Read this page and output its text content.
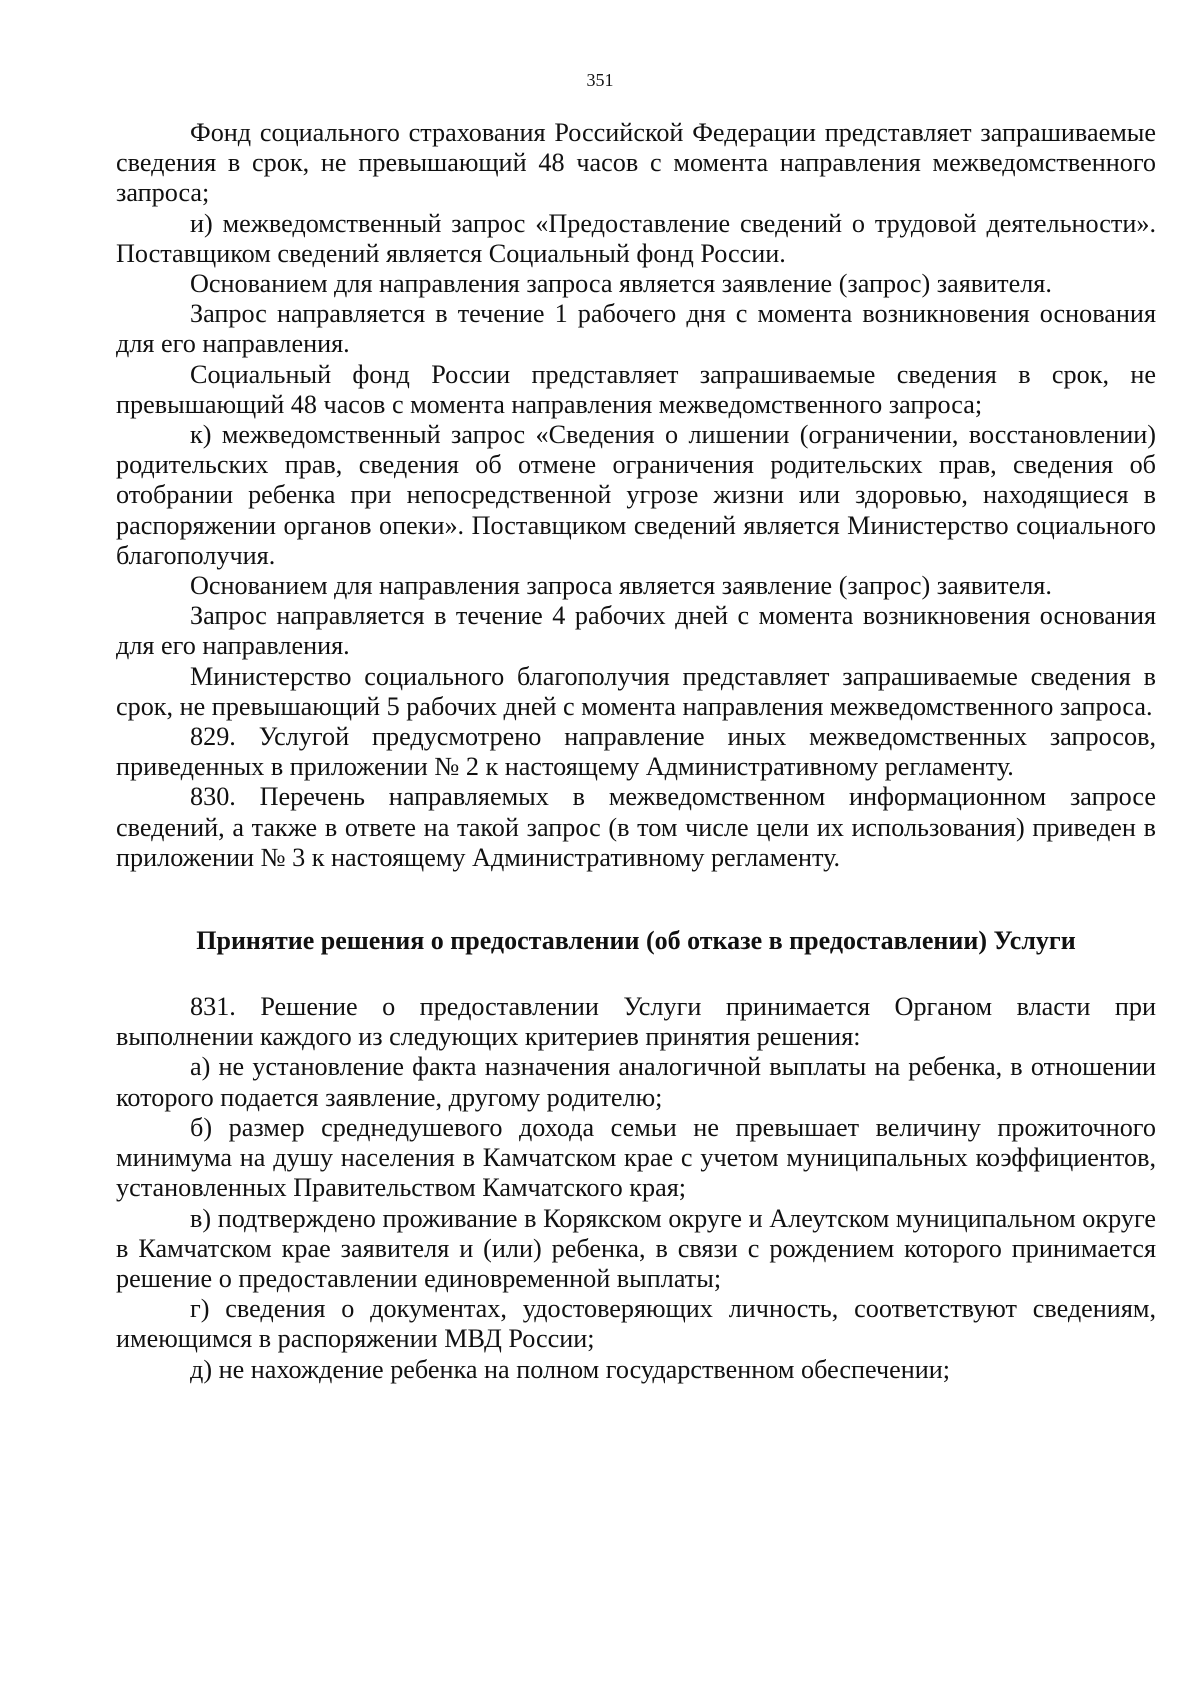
351

Фонд социального страхования Российской Федерации представляет запрашиваемые сведения в срок, не превышающий 48 часов с момента направления межведомственного запроса;

и) межведомственный запрос «Предоставление сведений о трудовой деятельности». Поставщиком сведений является Социальный фонд России.

Основанием для направления запроса является заявление (запрос) заявителя.

Запрос направляется в течение 1 рабочего дня с момента возникновения основания для его направления.

Социальный фонд России представляет запрашиваемые сведения в срок, не превышающий 48 часов с момента направления межведомственного запроса;

к) межведомственный запрос «Сведения о лишении (ограничении, восстановлении) родительских прав, сведения об отмене ограничения родительских прав, сведения об отобрании ребенка при непосредственной угрозе жизни или здоровью, находящиеся в распоряжении органов опеки». Поставщиком сведений является Министерство социального благополучия.

Основанием для направления запроса является заявление (запрос) заявителя.

Запрос направляется в течение 4 рабочих дней с момента возникновения основания для его направления.

Министерство социального благополучия представляет запрашиваемые сведения в срок, не превышающий 5 рабочих дней с момента направления межведомственного запроса.

829. Услугой предусмотрено направление иных межведомственных запросов, приведенных в приложении № 2 к настоящему Административному регламенту.

830. Перечень направляемых в межведомственном информационном запросе сведений, а также в ответе на такой запрос (в том числе цели их использования) приведен в приложении № 3 к настоящему Административному регламенту.

Принятие решения о предоставлении (об отказе в предоставлении) Услуги

831. Решение о предоставлении Услуги принимается Органом власти при выполнении каждого из следующих критериев принятия решения:

а) не установление факта назначения аналогичной выплаты на ребенка, в отношении которого подается заявление, другому родителю;

б) размер среднедушевого дохода семьи не превышает величину прожиточного минимума на душу населения в Камчатском крае с учетом муниципальных коэффициентов, установленных Правительством Камчатского края;

в) подтверждено проживание в Корякском округе и Алеутском муниципальном округе в Камчатском крае заявителя и (или) ребенка, в связи с рождением которого принимается решение о предоставлении единовременной выплаты;

г) сведения о документах, удостоверяющих личность, соответствуют сведениям, имеющимся в распоряжении МВД России;

д) не нахождение ребенка на полном государственном обеспечении;
